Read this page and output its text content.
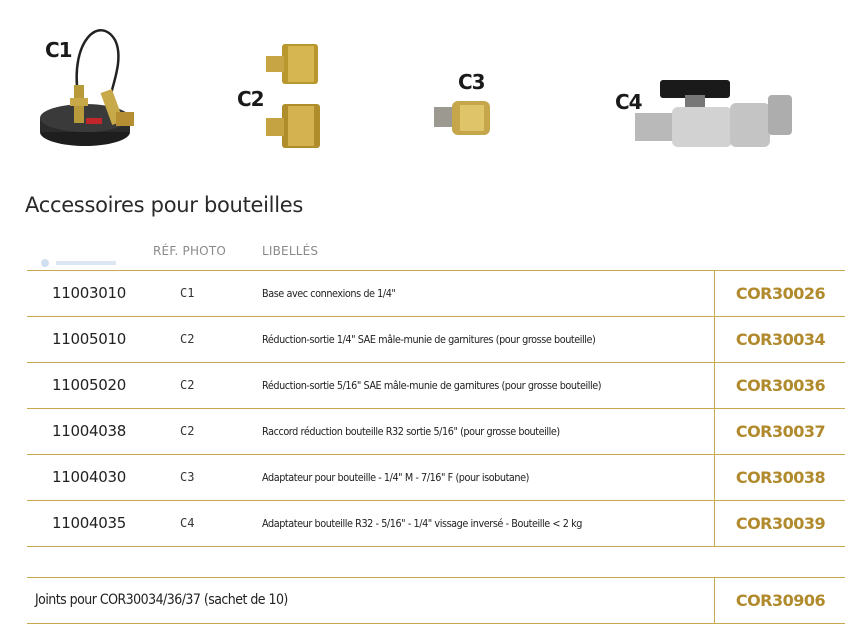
C1
C2
C3
C4
Accessoires pour bouteilles
RÉF. PHOTO	LIBELLÉS
11003010	C1	Base avec connexions de 1/4"	COR30026
11005010	C2	Réduction-sortie 1/4" SAE mâle-munie de garnitures (pour grosse bouteille)	COR30034
11005020	C2	Réduction-sortie 5/16" SAE mâle-munie de garnitures (pour grosse bouteille)	COR30036
11004038	C2	Raccord réduction bouteille R32 sortie 5/16" (pour grosse bouteille)	COR30037
11004030	C3	Adaptateur pour bouteille - 1/4" M - 7/16" F (pour isobutane)	COR30038
11004035	C4	Adaptateur bouteille R32 - 5/16" - 1/4" vissage inversé - Bouteille < 2 kg	COR30039
Joints pour COR30034/36/37 (sachet de 10)	COR30906
